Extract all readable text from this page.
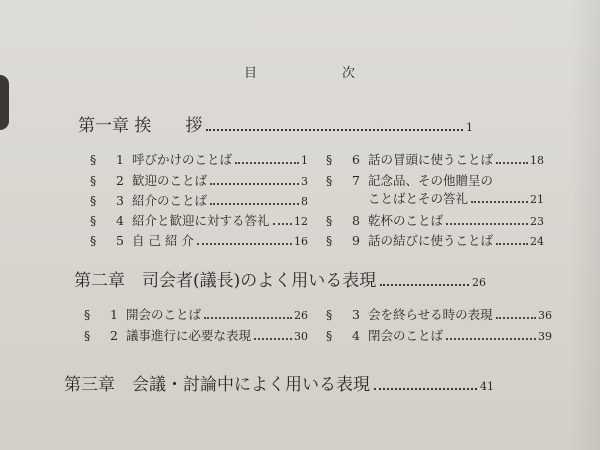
目	次
第一章 挨　　拶	1
§	1 呼びかけのことば	1
§	2 歓迎のことば	3
§	3 紹介のことば	8
§	4 紹介と歓迎に対する答礼 12
§	5 自 己 紹 介	16
§	6 話の冒頭に使うことば	18
§	7 記念品、その他贈呈の
ことばとその答礼	21
§	8 乾杯のことば	23
§	9 話の結びに使うことば	24
第二章　司会者(議長)のよく用いる表現	26
§	1 開会のことば	26
§	2 議事進行に必要な表現	30
§	3 会を終らせる時の表現	36
§	4 閉会のことば	39
第三章　会議・討論中によく用いる表現	41
